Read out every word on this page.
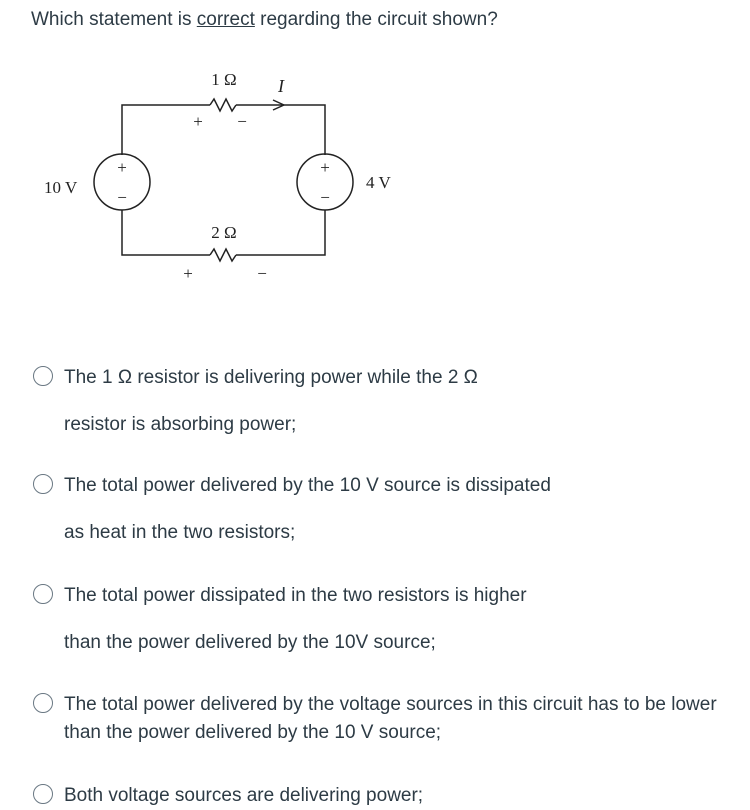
Which statement is correct regarding the circuit shown?
+
−
+
−
1 Ω I
+ −
2 Ω
+	−
10 V	4 V
The 1 Ω resistor is delivering power while the 2 Ω
resistor is absorbing power;
The total power delivered by the 10 V source is dissipated
as heat in the two resistors;
The total power dissipated in the two resistors is higher
than the power delivered by the 10V source;
The total power delivered by the voltage sources in this circuit has to be lower
than the power delivered by the 10 V source;
Both voltage sources are delivering power;
